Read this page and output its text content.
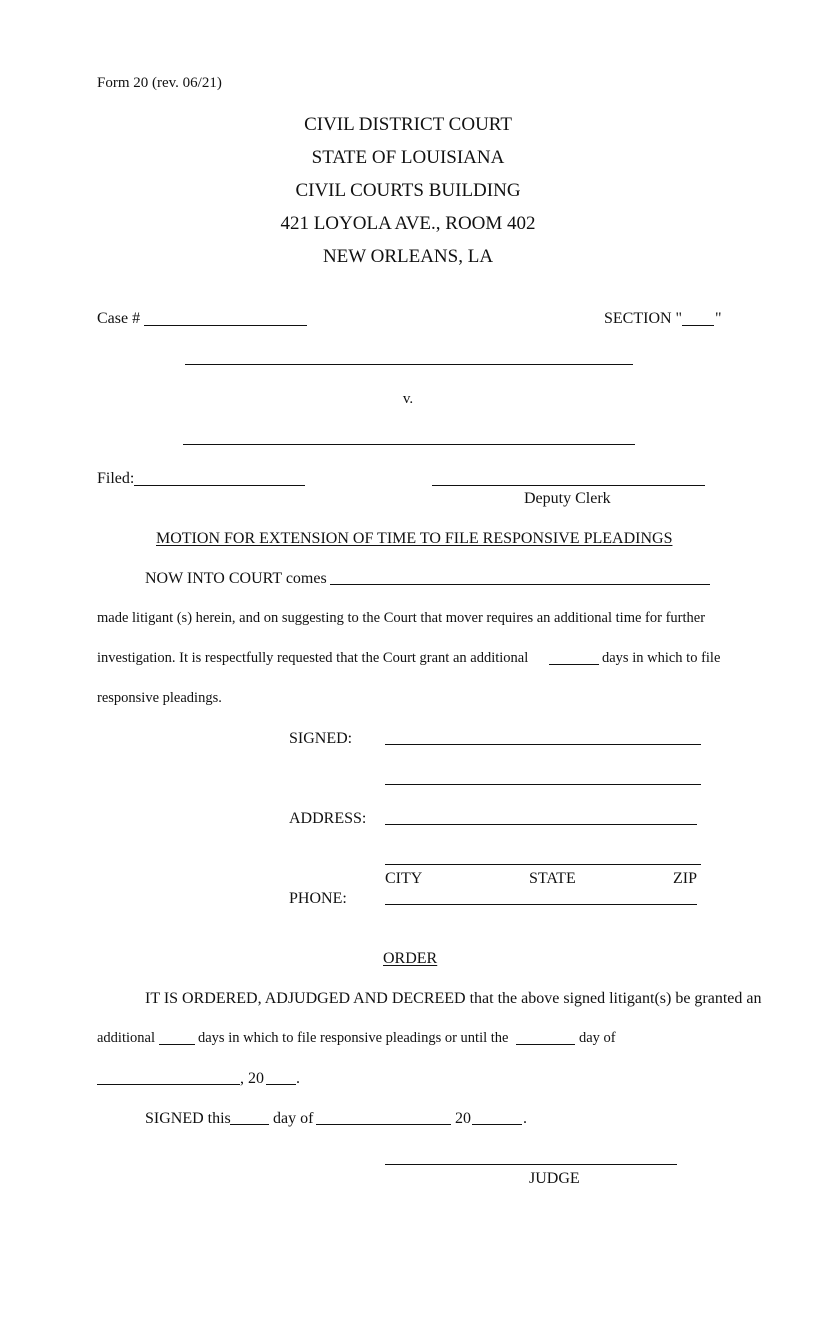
Form 20 (rev. 06/21)
CIVIL DISTRICT COURT
STATE OF LOUISIANA
CIVIL COURTS BUILDING
421 LOYOLA AVE., ROOM 402
NEW ORLEANS, LA
Case #	SECTION " "
v.
Filed:
Deputy Clerk
MOTION FOR EXTENSION OF TIME TO FILE RESPONSIVE PLEADINGS
NOW INTO COURT comes
made litigant (s) herein, and on suggesting to the Court that mover requires an additional time for further
investigation. It is respectfully requested that the Court grant an additional	days in which to file
responsive pleadings.
SIGNED:
ADDRESS:
CITY	STATE	ZIP
PHONE:
ORDER
IT IS ORDERED, ADJUDGED AND DECREED that the above signed litigant(s) be granted an
additional	days in which to file responsive pleadings or until the	day of
, 20 .
SIGNED this	day of	20	.
JUDGE
